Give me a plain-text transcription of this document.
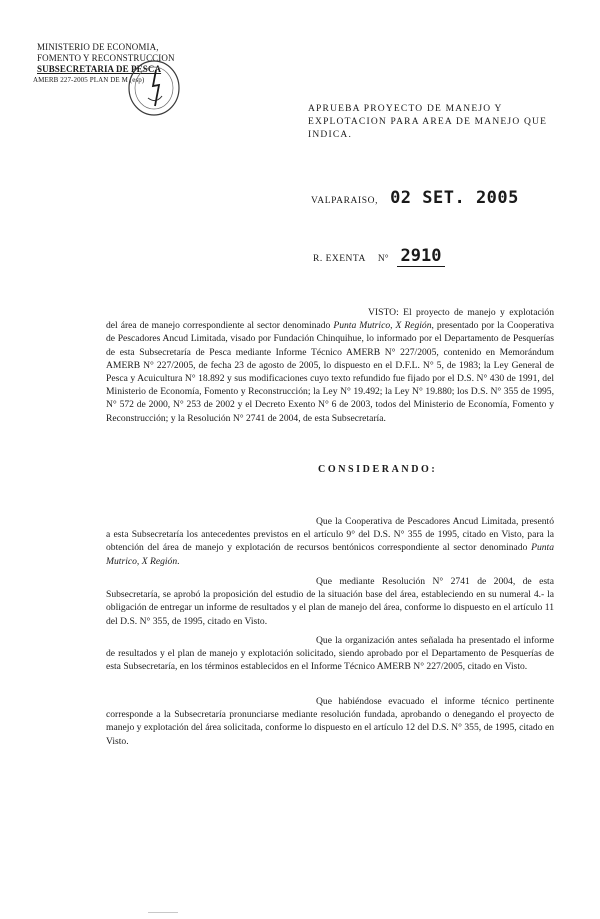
MINISTERIO DE ECONOMIA,
FOMENTO Y RECONSTRUCCION
SUBSECRETARIA DE PESCA
AMERB 227-2005 PLAN DE M (esp)
APRUEBA PROYECTO DE MANEJO Y
EXPLOTACION PARA AREA DE MANEJO QUE
INDICA.
VALPARAISO, 02 SET. 2005
R. EXENTA N° 2910
VISTO: El proyecto de manejo y explotación del área de manejo correspondiente al sector denominado Punta Mutrico, X Región, presentado por la Cooperativa de Pescadores Ancud Limitada, visado por Fundación Chinquihue, lo informado por el Departamento de Pesquerías de esta Subsecretaría de Pesca mediante Informe Técnico AMERB N° 227/2005, contenido en Memorándum AMERB N° 227/2005, de fecha 23 de agosto de 2005, lo dispuesto en el D.F.L. N° 5, de 1983; la Ley General de Pesca y Acuicultura N° 18.892 y sus modificaciones cuyo texto refundido fue fijado por el D.S. N° 430 de 1991, del Ministerio de Economía, Fomento y Reconstrucción; la Ley N° 19.492; la Ley N° 19.880; los D.S. N° 355 de 1995, N° 572 de 2000, N° 253 de 2002 y el Decreto Exento N° 6 de 2003, todos del Ministerio de Economía, Fomento y Reconstrucción; y la Resolución N° 2741 de 2004, de esta Subsecretaría.
CONSIDERANDO:
Que la Cooperativa de Pescadores Ancud Limitada, presentó a esta Subsecretaría los antecedentes previstos en el artículo 9° del D.S. N° 355 de 1995, citado en Visto, para la obtención del área de manejo y explotación de recursos bentónicos correspondiente al sector denominado Punta Mutrico, X Región.
Que mediante Resolución N° 2741 de 2004, de esta Subsecretaría, se aprobó la proposición del estudio de la situación base del área, estableciendo en su numeral 4.- la obligación de entregar un informe de resultados y el plan de manejo del área, conforme lo dispuesto en el artículo 11 del D.S. N° 355, de 1995, citado en Visto.
Que la organización antes señalada ha presentado el informe de resultados y el plan de manejo y explotación solicitado, siendo aprobado por el Departamento de Pesquerías de esta Subsecretaría, en los términos establecidos en el Informe Técnico AMERB N° 227/2005, citado en Visto.
Que habiéndose evacuado el informe técnico pertinente corresponde a la Subsecretaría pronunciarse mediante resolución fundada, aprobando o denegando el proyecto de manejo y explotación del área solicitada, conforme lo dispuesto en el artículo 12 del D.S. N° 355, de 1995, citado en Visto.
